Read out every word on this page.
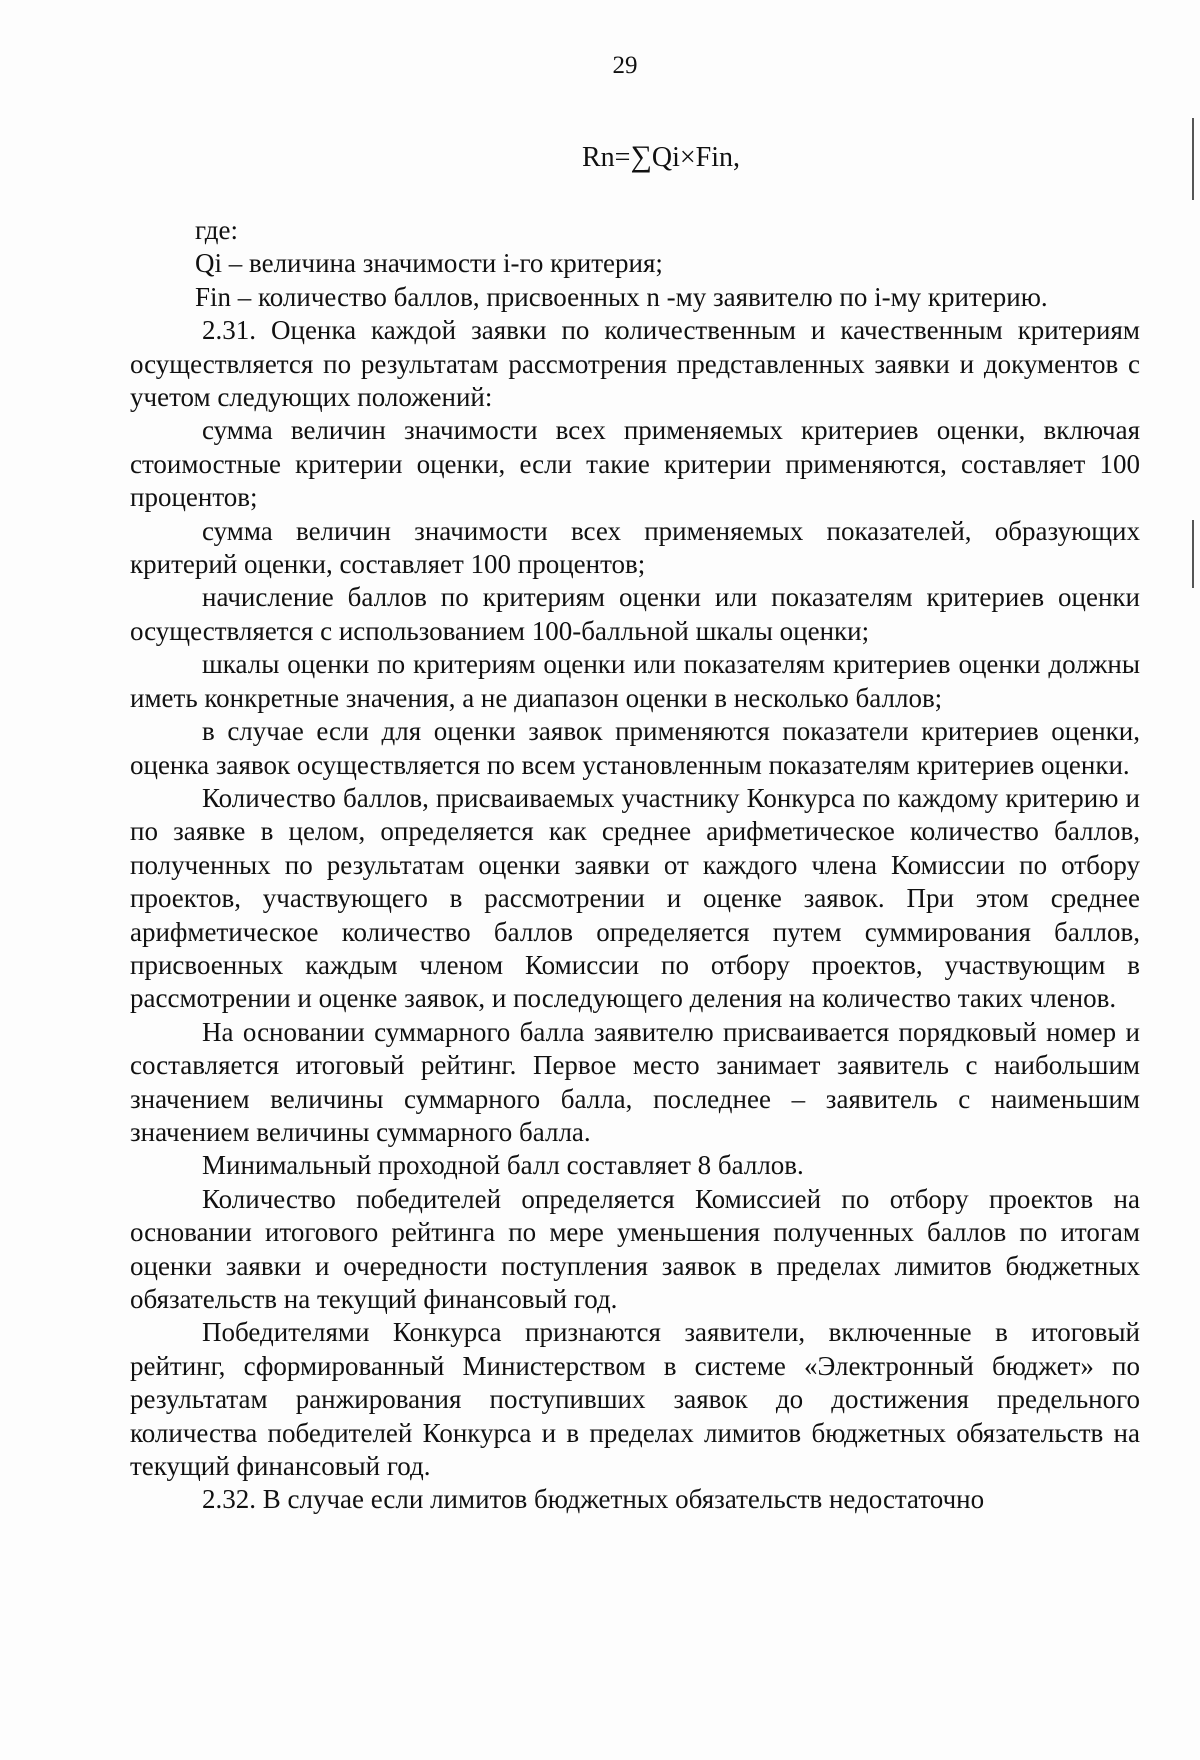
29
Rn=∑Qi×Fin,

где:

Qi – величина значимости i-го критерия;

Fin – количество баллов, присвоенных n -му заявителю по i-му критерию.

2.31. Оценка каждой заявки по количественным и качественным критериям осуществляется по результатам рассмотрения представленных заявки и документов с учетом следующих положений:

сумма величин значимости всех применяемых критериев оценки, включая стоимостные критерии оценки, если такие критерии применяются, составляет 100 процентов;

сумма величин значимости всех применяемых показателей, образующих критерий оценки, составляет 100 процентов;

начисление баллов по критериям оценки или показателям критериев оценки осуществляется с использованием 100-балльной шкалы оценки;

шкалы оценки по критериям оценки или показателям критериев оценки должны иметь конкретные значения, а не диапазон оценки в несколько баллов;

в случае если для оценки заявок применяются показатели критериев оценки, оценка заявок осуществляется по всем установленным показателям критериев оценки.

Количество баллов, присваиваемых участнику Конкурса по каждому критерию и по заявке в целом, определяется как среднее арифметическое количество баллов, полученных по результатам оценки заявки от каждого члена Комиссии по отбору проектов, участвующего в рассмотрении и оценке заявок. При этом среднее арифметическое количество баллов определяется путем суммирования баллов, присвоенных каждым членом Комиссии по отбору проектов, участвующим в рассмотрении и оценке заявок, и последующего деления на количество таких членов.

На основании суммарного балла заявителю присваивается порядковый номер и составляется итоговый рейтинг. Первое место занимает заявитель с наибольшим значением величины суммарного балла, последнее – заявитель с наименьшим значением величины суммарного балла.

Минимальный проходной балл составляет 8 баллов.

Количество победителей определяется Комиссией по отбору проектов на основании итогового рейтинга по мере уменьшения полученных баллов по итогам оценки заявки и очередности поступления заявок в пределах лимитов бюджетных обязательств на текущий финансовый год.

Победителями Конкурса признаются заявители, включенные в итоговый рейтинг, сформированный Министерством в системе «Электронный бюджет» по результатам ранжирования поступивших заявок до достижения предельного количества победителей Конкурса и в пределах лимитов бюджетных обязательств на текущий финансовый год.

2.32. В случае если лимитов бюджетных обязательств недостаточно
